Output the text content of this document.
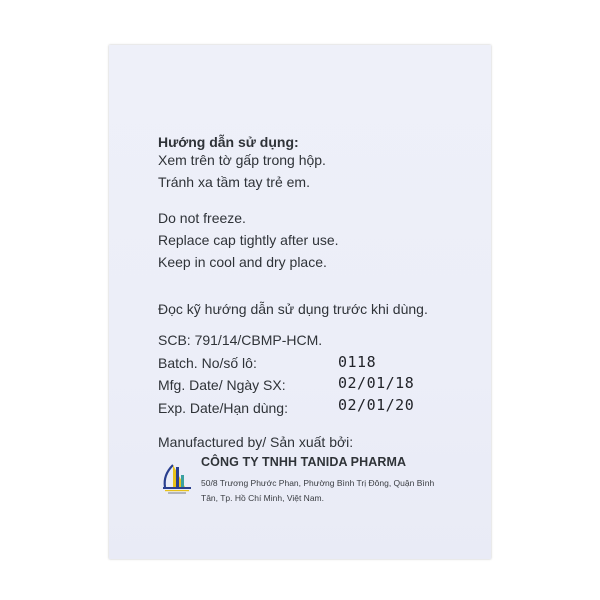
Hướng dẫn sử dụng:
Xem trên tờ gấp trong hộp.
Tránh xa tầm tay trẻ em.
Do not freeze.
Replace cap tightly after use.
Keep in cool and dry place.
Đọc kỹ hướng dẫn sử dụng trước khi dùng.
SCB: 791/14/CBMP-HCM.
Batch. No/số lô:	0118
Mfg. Date/ Ngày SX:	02/01/18
Exp. Date/Hạn dùng:	02/01/20
Manufactured by/ Sản xuất bởi:
CÔNG TY TNHH TANIDA PHARMA
50/8 Trương Phước Phan, Phường Bình Trị Đông, Quận Bình
Tân, Tp. Hồ Chí Minh, Việt Nam.
